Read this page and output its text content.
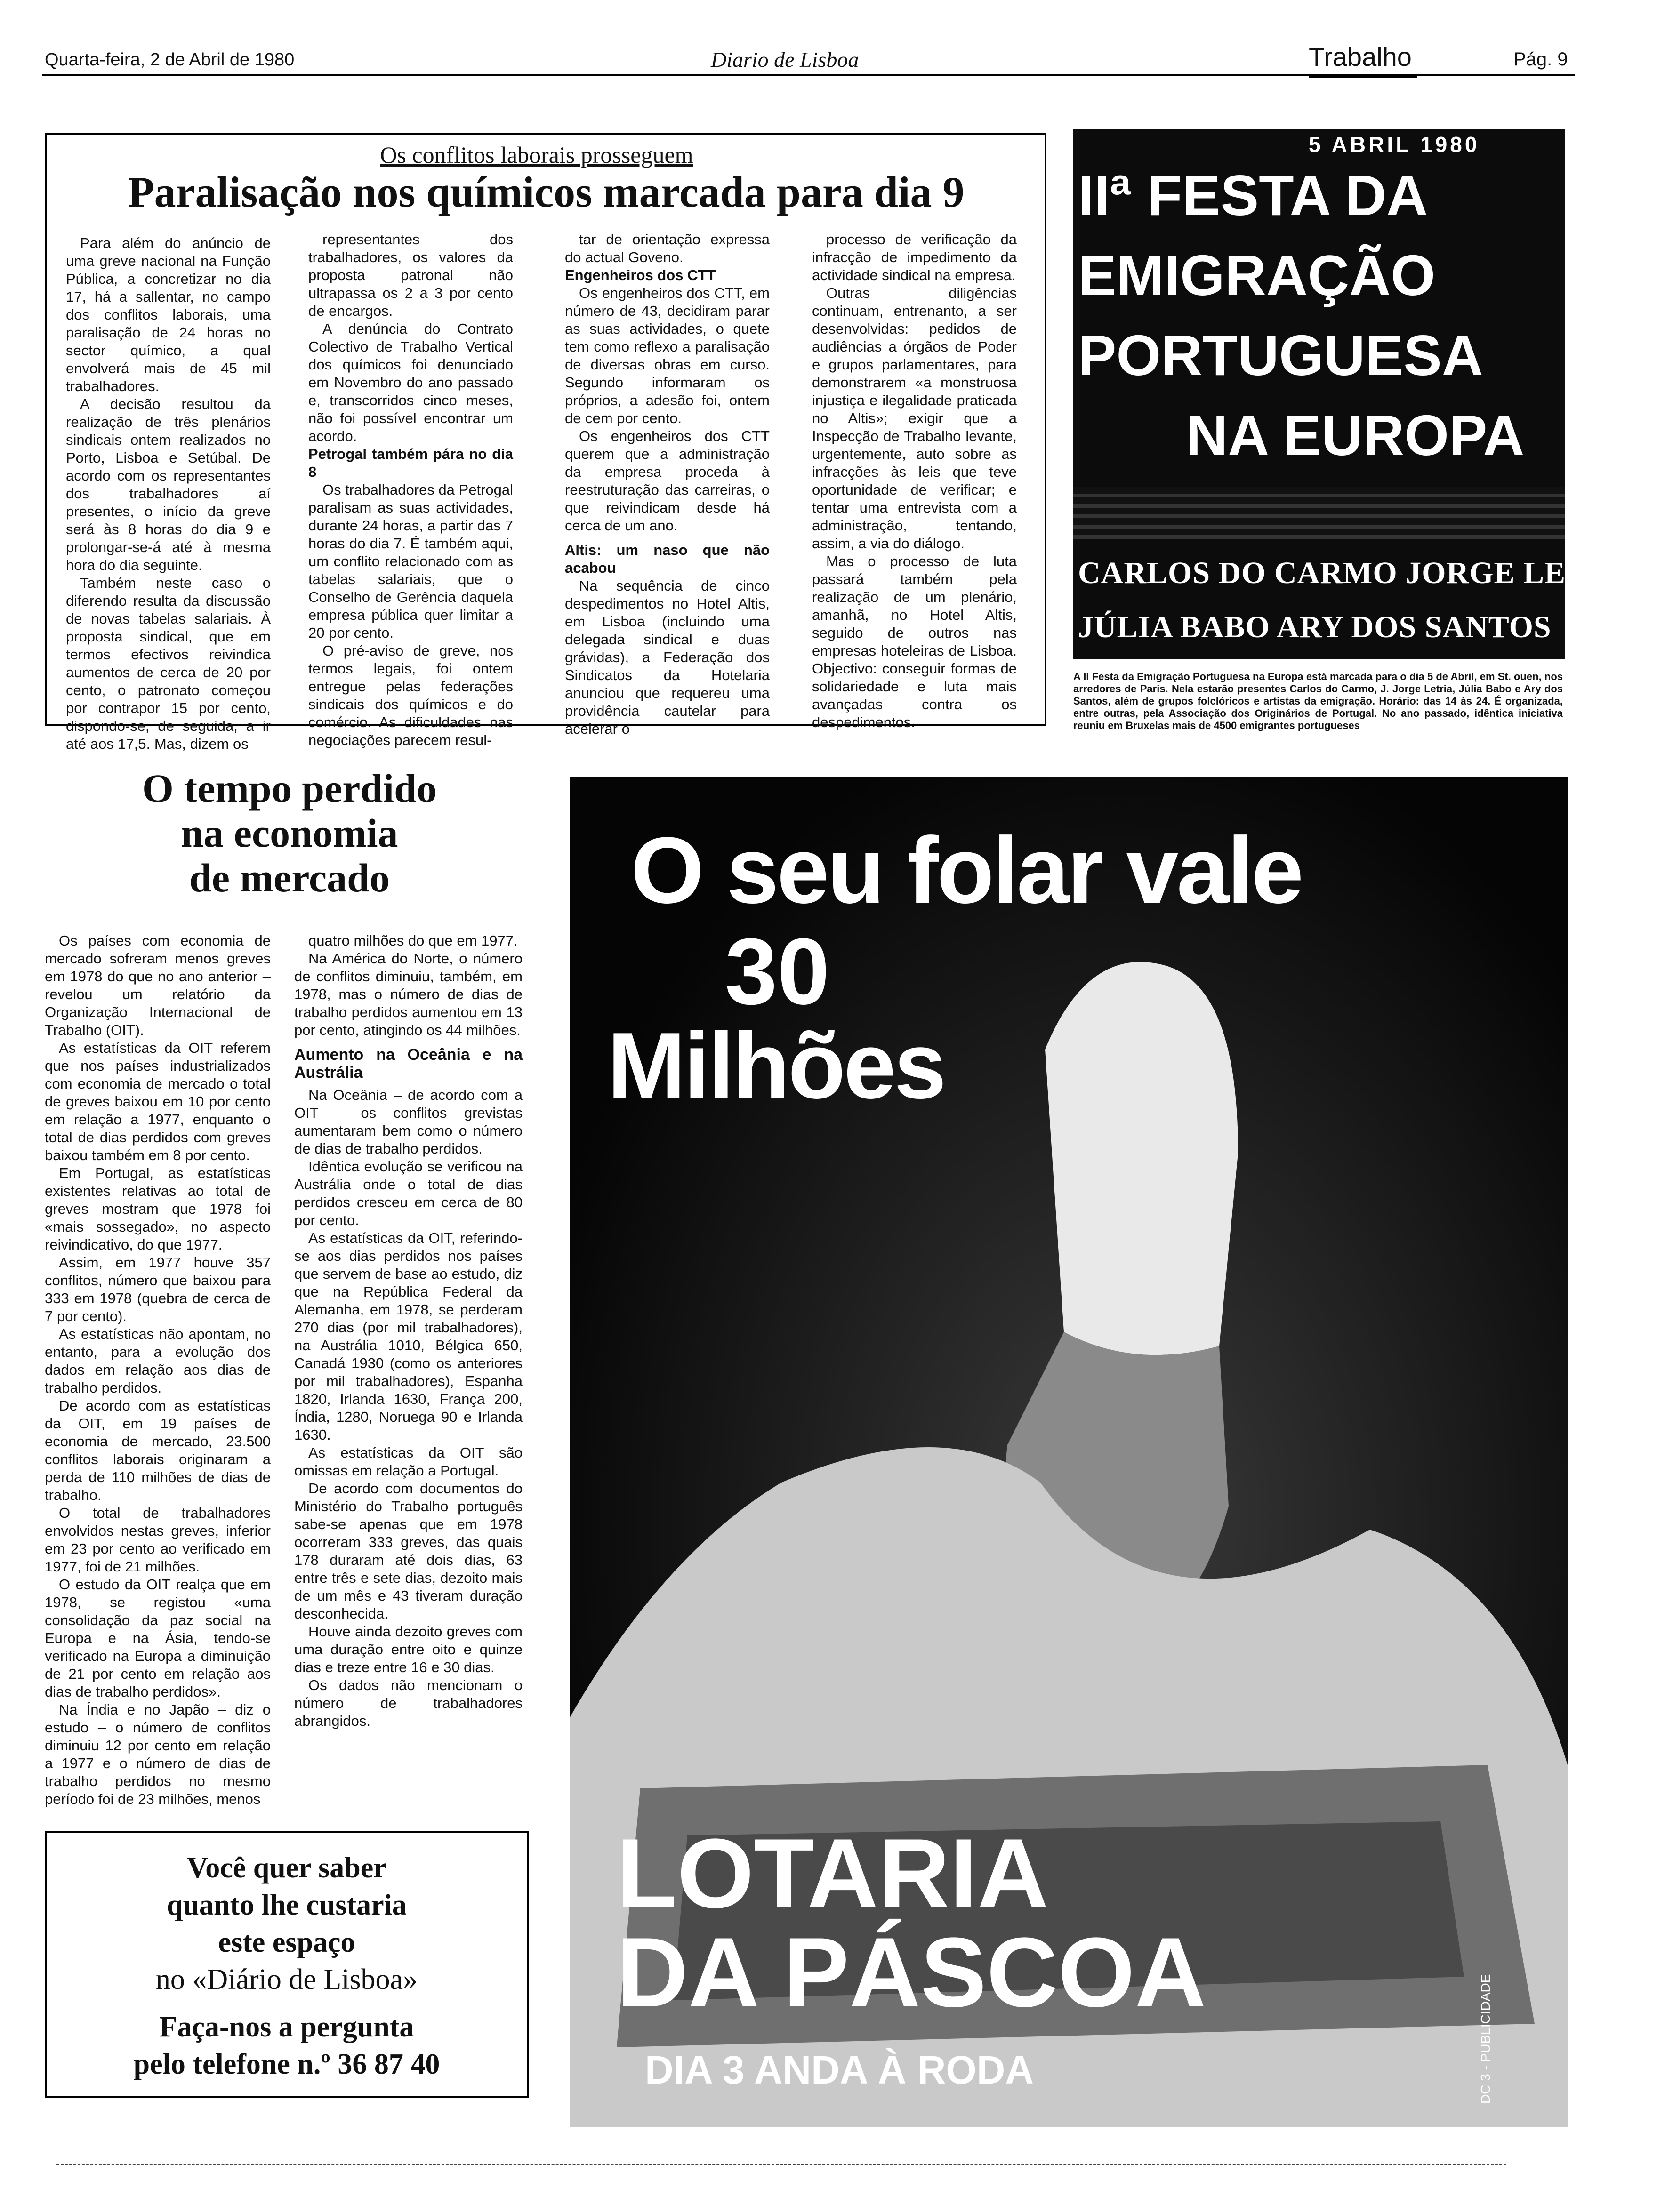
Quarta-feira, 2 de Abril de 1980	Diario de Lisboa	Trabalho	Pág. 9
Os conflitos laborais prosseguem
Paralisação nos químicos marcada para dia 9

Para além do anúncio de uma greve nacional na Função Pública, a concretizar no dia 17, há a sallentar, no campo dos conflitos laborais, uma paralisação de 24 horas no sector químico, a qual envolverá mais de 45 mil trabalhadores.

A decisão resultou da realização de três plenários sindicais ontem realizados no Porto, Lisboa e Setúbal. De acordo com os representantes dos trabalhadores aí presentes, o início da greve será às 8 horas do dia 9 e prolongar-se-á até à mesma hora do dia seguinte.

Também neste caso o diferendo resulta da discussão de novas tabelas salariais. À proposta sindical, que em termos efectivos reivindica aumentos de cerca de 20 por cento, o patronato começou por contrapor 15 por cento, dispondo-se, de seguida, a ir até aos 17,5. Mas, dizem os

representantes dos trabalhadores, os valores da proposta patronal não ultrapassa os 2 a 3 por cento de encargos.

A denúncia do Contrato Colectivo de Trabalho Vertical dos químicos foi denunciado em Novembro do ano passado e, transcorridos cinco meses, não foi possível encontrar um acordo.

Petrogal também pára no dia 8

Os trabalhadores da Petrogal paralisam as suas actividades, durante 24 horas, a partir das 7 horas do dia 7. É também aqui, um conflito relacionado com as tabelas salariais, que o Conselho de Gerência daquela empresa pública quer limitar a 20 por cento.

O pré-aviso de greve, nos termos legais, foi ontem entregue pelas federações sindicais dos químicos e do comércio. As dificuldades nas negociações parecem resul-

tar de orientação expressa do actual Goveno.

Engenheiros dos CTT

Os engenheiros dos CTT, em número de 43, decidiram parar as suas actividades, o quete tem como reflexo a paralisação de diversas obras em curso. Segundo informaram os próprios, a adesão foi, ontem de cem por cento.

Os engenheiros dos CTT querem que a administração da empresa proceda à reestruturação das carreiras, o que reivindicam desde há cerca de um ano.

Altis: um naso que não acabou

Na sequência de cinco despedimentos no Hotel Altis, em Lisboa (incluindo uma delegada sindical e duas grávidas), a Federação dos Sindicatos da Hotelaria anunciou que requereu uma providência cautelar para acelerar o

processo de verificação da infracção de impedimento da actividade sindical na empresa.

Outras diligências continuam, entrenanto, a ser desenvolvidas: pedidos de audiências a órgãos de Poder e grupos parlamentares, para demonstrarem «a monstruosa injustiça e ilegalidade praticada no Altis»; exigir que a Inspecção de Trabalho levante, urgentemente, auto sobre as infracções às leis que teve oportunidade de verificar; e tentar uma entrevista com a administração, tentando, assim, a via do diálogo.

Mas o processo de luta passará também pela realização de um plenário, amanhã, no Hotel Altis, seguido de outros nas empresas hoteleiras de Lisboa. Objectivo: conseguir formas de solidariedade e luta mais avançadas contra os despedimentos.

5 ABRIL 1980
IIª FESTA DA
EMIGRAÇÃO
PORTUGUESA
NA EUROPA
CARLOS DO CARMO JORGE LETRIA
JÚLIA BABO ARY DOS SANTOS
A II Festa da Emigração Portuguesa na Europa está marcada para o dia 5 de Abril, em St. ouen, nos arredores de Paris. Nela estarão presentes Carlos do Carmo, J. Jorge Letria, Júlia Babo e Ary dos Santos, além de grupos folclóricos e artistas da emigração. Horário: das 14 às 24. É organizada, entre outras, pela Associação dos Originários de Portugal. No ano passado, idêntica iniciativa reuniu em Bruxelas mais de 4500 emigrantes portugueses
O tempo perdido
na economia
de mercado

Os países com economia de mercado sofreram menos greves em 1978 do que no ano anterior – revelou um relatório da Organização Internacional de Trabalho (OIT).

As estatísticas da OIT referem que nos países industrializados com economia de mercado o total de greves baixou em 10 por cento em relação a 1977, enquanto o total de dias perdidos com greves baixou também em 8 por cento.

Em Portugal, as estatísticas existentes relativas ao total de greves mostram que 1978 foi «mais sossegado», no aspecto reivindicativo, do que 1977.

Assim, em 1977 houve 357 conflitos, número que baixou para 333 em 1978 (quebra de cerca de 7 por cento).

As estatísticas não apontam, no entanto, para a evolução dos dados em relação aos dias de trabalho perdidos.

De acordo com as estatísticas da OIT, em 19 países de economia de mercado, 23.500 conflitos laborais originaram a perda de 110 milhões de dias de trabalho.

O total de trabalhadores envolvidos nestas greves, inferior em 23 por cento ao verificado em 1977, foi de 21 milhões.

O estudo da OIT realça que em 1978, se registou «uma consolidação da paz social na Europa e na Ásia, tendo-se verificado na Europa a diminuição de 21 por cento em relação aos dias de trabalho perdidos».

Na Índia e no Japão – diz o estudo – o número de conflitos diminuiu 12 por cento em relação a 1977 e o número de dias de trabalho perdidos no mesmo período foi de 23 milhões, menos

quatro milhões do que em 1977.

Na América do Norte, o número de conflitos diminuiu, também, em 1978, mas o número de dias de trabalho perdidos aumentou em 13 por cento, atingindo os 44 milhões.

Aumento na Oceânia e na Austrália

Na Oceânia – de acordo com a OIT – os conflitos grevistas aumentaram bem como o número de dias de trabalho perdidos.

Idêntica evolução se verificou na Austrália onde o total de dias perdidos cresceu em cerca de 80 por cento.

As estatísticas da OIT, referindo-se aos dias perdidos nos países que servem de base ao estudo, diz que na República Federal da Alemanha, em 1978, se perderam 270 dias (por mil trabalhadores), na Austrália 1010, Bélgica 650, Canadá 1930 (como os anteriores por mil trabalhadores), Espanha 1820, Irlanda 1630, França 200, Índia, 1280, Noruega 90 e Irlanda 1630.

As estatísticas da OIT são omissas em relação a Portugal.

De acordo com documentos do Ministério do Trabalho português sabe-se apenas que em 1978 ocorreram 333 greves, das quais 178 duraram até dois dias, 63 entre três e sete dias, dezoito mais de um mês e 43 tiveram duração desconhecida.

Houve ainda dezoito greves com uma duração entre oito e quinze dias e treze entre 16 e 30 dias.

Os dados não mencionam o número de trabalhadores abrangidos.

Você quer saber
quanto lhe custaria
este espaço
no «Diário de Lisboa»
Faça-nos a pergunta
pelo telefone n.º 36 87 40
O seu folar vale
30
Milhões
LOTARIA
DA PÁSCOA
DIA 3 ANDA À RODA	DC 3 - PUBLICIDADE
